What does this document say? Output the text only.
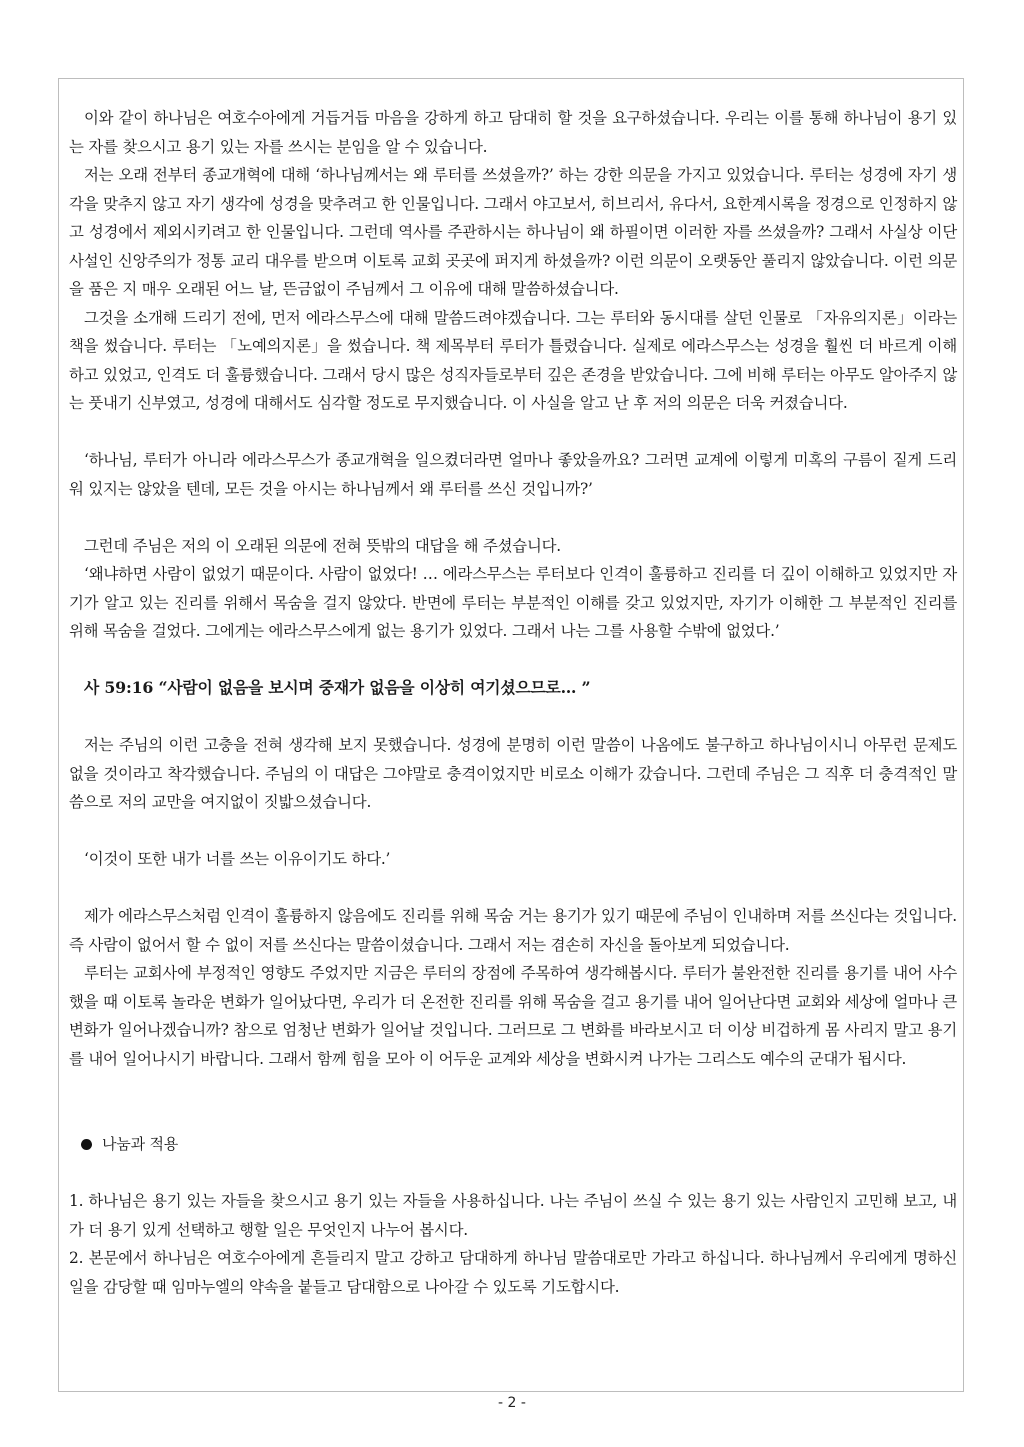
이와 같이 하나님은 여호수아에게 거듭거듭 마음을 강하게 하고 담대히 할 것을 요구하셨습니다. 우리는 이를 통해 하나님이 용기 있는 자를 찾으시고 용기 있는 자를 쓰시는 분임을 알 수 있습니다.

저는 오래 전부터 종교개혁에 대해 ‘하나님께서는 왜 루터를 쓰셨을까?’ 하는 강한 의문을 가지고 있었습니다. 루터는 성경에 자기 생각을 맞추지 않고 자기 생각에 성경을 맞추려고 한 인물입니다. 그래서 야고보서, 히브리서, 유다서, 요한계시록을 정경으로 인정하지 않고 성경에서 제외시키려고 한 인물입니다. 그런데 역사를 주관하시는 하나님이 왜 하필이면 이러한 자를 쓰셨을까? 그래서 사실상 이단 사설인 신앙주의가 정통 교리 대우를 받으며 이토록 교회 곳곳에 퍼지게 하셨을까? 이런 의문이 오랫동안 풀리지 않았습니다. 이런 의문을 품은 지 매우 오래된 어느 날, 뜬금없이 주님께서 그 이유에 대해 말씀하셨습니다.

그것을 소개해 드리기 전에, 먼저 에라스무스에 대해 말씀드려야겠습니다. 그는 루터와 동시대를 살던 인물로 「자유의지론」이라는 책을 썼습니다. 루터는 「노예의지론」을 썼습니다. 책 제목부터 루터가 틀렸습니다. 실제로 에라스무스는 성경을 훨씬 더 바르게 이해하고 있었고, 인격도 더 훌륭했습니다. 그래서 당시 많은 성직자들로부터 깊은 존경을 받았습니다. 그에 비해 루터는 아무도 알아주지 않는 풋내기 신부였고, 성경에 대해서도 심각할 정도로 무지했습니다. 이 사실을 알고 난 후 저의 의문은 더욱 커졌습니다.

‘하나님, 루터가 아니라 에라스무스가 종교개혁을 일으켰더라면 얼마나 좋았을까요? 그러면 교계에 이렇게 미혹의 구름이 짙게 드리워 있지는 않았을 텐데, 모든 것을 아시는 하나님께서 왜 루터를 쓰신 것입니까?’

그런데 주님은 저의 이 오래된 의문에 전혀 뜻밖의 대답을 해 주셨습니다.

‘왜냐하면 사람이 없었기 때문이다. 사람이 없었다! … 에라스무스는 루터보다 인격이 훌륭하고 진리를 더 깊이 이해하고 있었지만 자기가 알고 있는 진리를 위해서 목숨을 걸지 않았다. 반면에 루터는 부분적인 이해를 갖고 있었지만, 자기가 이해한 그 부분적인 진리를 위해 목숨을 걸었다. 그에게는 에라스무스에게 없는 용기가 있었다. 그래서 나는 그를 사용할 수밖에 없었다.’

사 59:16 “사람이 없음을 보시며 중재가 없음을 이상히 여기셨으므로… ”

저는 주님의 이런 고충을 전혀 생각해 보지 못했습니다. 성경에 분명히 이런 말씀이 나옴에도 불구하고 하나님이시니 아무런 문제도 없을 것이라고 착각했습니다. 주님의 이 대답은 그야말로 충격이었지만 비로소 이해가 갔습니다. 그런데 주님은 그 직후 더 충격적인 말씀으로 저의 교만을 여지없이 짓밟으셨습니다.

‘이것이 또한 내가 너를 쓰는 이유이기도 하다.’

제가 에라스무스처럼 인격이 훌륭하지 않음에도 진리를 위해 목숨 거는 용기가 있기 때문에 주님이 인내하며 저를 쓰신다는 것입니다. 즉 사람이 없어서 할 수 없이 저를 쓰신다는 말씀이셨습니다. 그래서 저는 겸손히 자신을 돌아보게 되었습니다.

루터는 교회사에 부정적인 영향도 주었지만 지금은 루터의 장점에 주목하여 생각해봅시다. 루터가 불완전한 진리를 용기를 내어 사수했을 때 이토록 놀라운 변화가 일어났다면, 우리가 더 온전한 진리를 위해 목숨을 걸고 용기를 내어 일어난다면 교회와 세상에 얼마나 큰 변화가 일어나겠습니까? 참으로 엄청난 변화가 일어날 것입니다. 그러므로 그 변화를 바라보시고 더 이상 비겁하게 몸 사리지 말고 용기를 내어 일어나시기 바랍니다. 그래서 함께 힘을 모아 이 어두운 교계와 세상을 변화시켜 나가는 그리스도 예수의 군대가 됩시다.

나눔과 적용

1. 하나님은 용기 있는 자들을 찾으시고 용기 있는 자들을 사용하십니다. 나는 주님이 쓰실 수 있는 용기 있는 사람인지 고민해 보고, 내가 더 용기 있게 선택하고 행할 일은 무엇인지 나누어 봅시다.

2. 본문에서 하나님은 여호수아에게 흔들리지 말고 강하고 담대하게 하나님 말씀대로만 가라고 하십니다. 하나님께서 우리에게 명하신 일을 감당할 때 임마누엘의 약속을 붙들고 담대함으로 나아갈 수 있도록 기도합시다.

- 2 -
